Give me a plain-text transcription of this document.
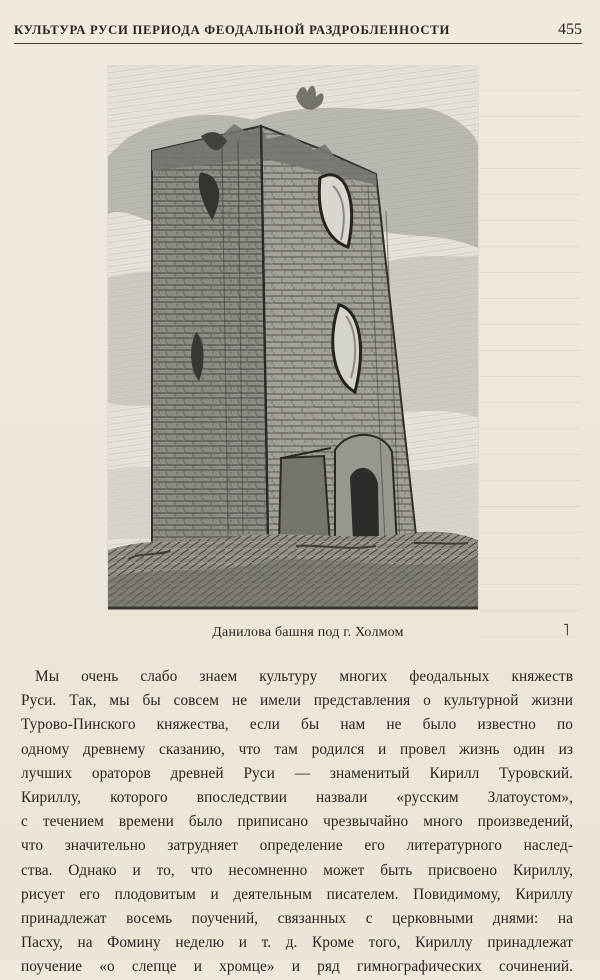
КУЛЬТУРА РУСИ ПЕРИОДА ФЕОДАЛЬНОЙ РАЗДРОБЛЕННОСТИ	455
Данилова башня под г. Холмом	˥
Мы очень слабо знаем культуру многих феодальных княжеств
Руси. Так, мы бы совсем не имели представления о культурной жизни
Турово-Пинского княжества, если бы нам не было известно по
одному древнему сказанию, что там родился и провел жизнь один из
лучших ораторов древней Руси — знаменитый Кирилл Туровский.
Кириллу, которого впоследствии назвали «русским Златоустом»,
с течением времени было приписано чрезвычайно много произведений,
что значительно затрудняет определение его литературного наслед-
ства. Однако и то, что несомненно может быть присвоено Кириллу,
рисует его плодовитым и деятельным писателем. Повидимому, Кириллу
принадлежат восемь поучений, связанных с церковными днями: на
Пасху, на Фомину неделю и т. д. Кроме того, Кириллу принадлежат
поучение «о слепце и хромце» и ряд гимнографических сочинений.
